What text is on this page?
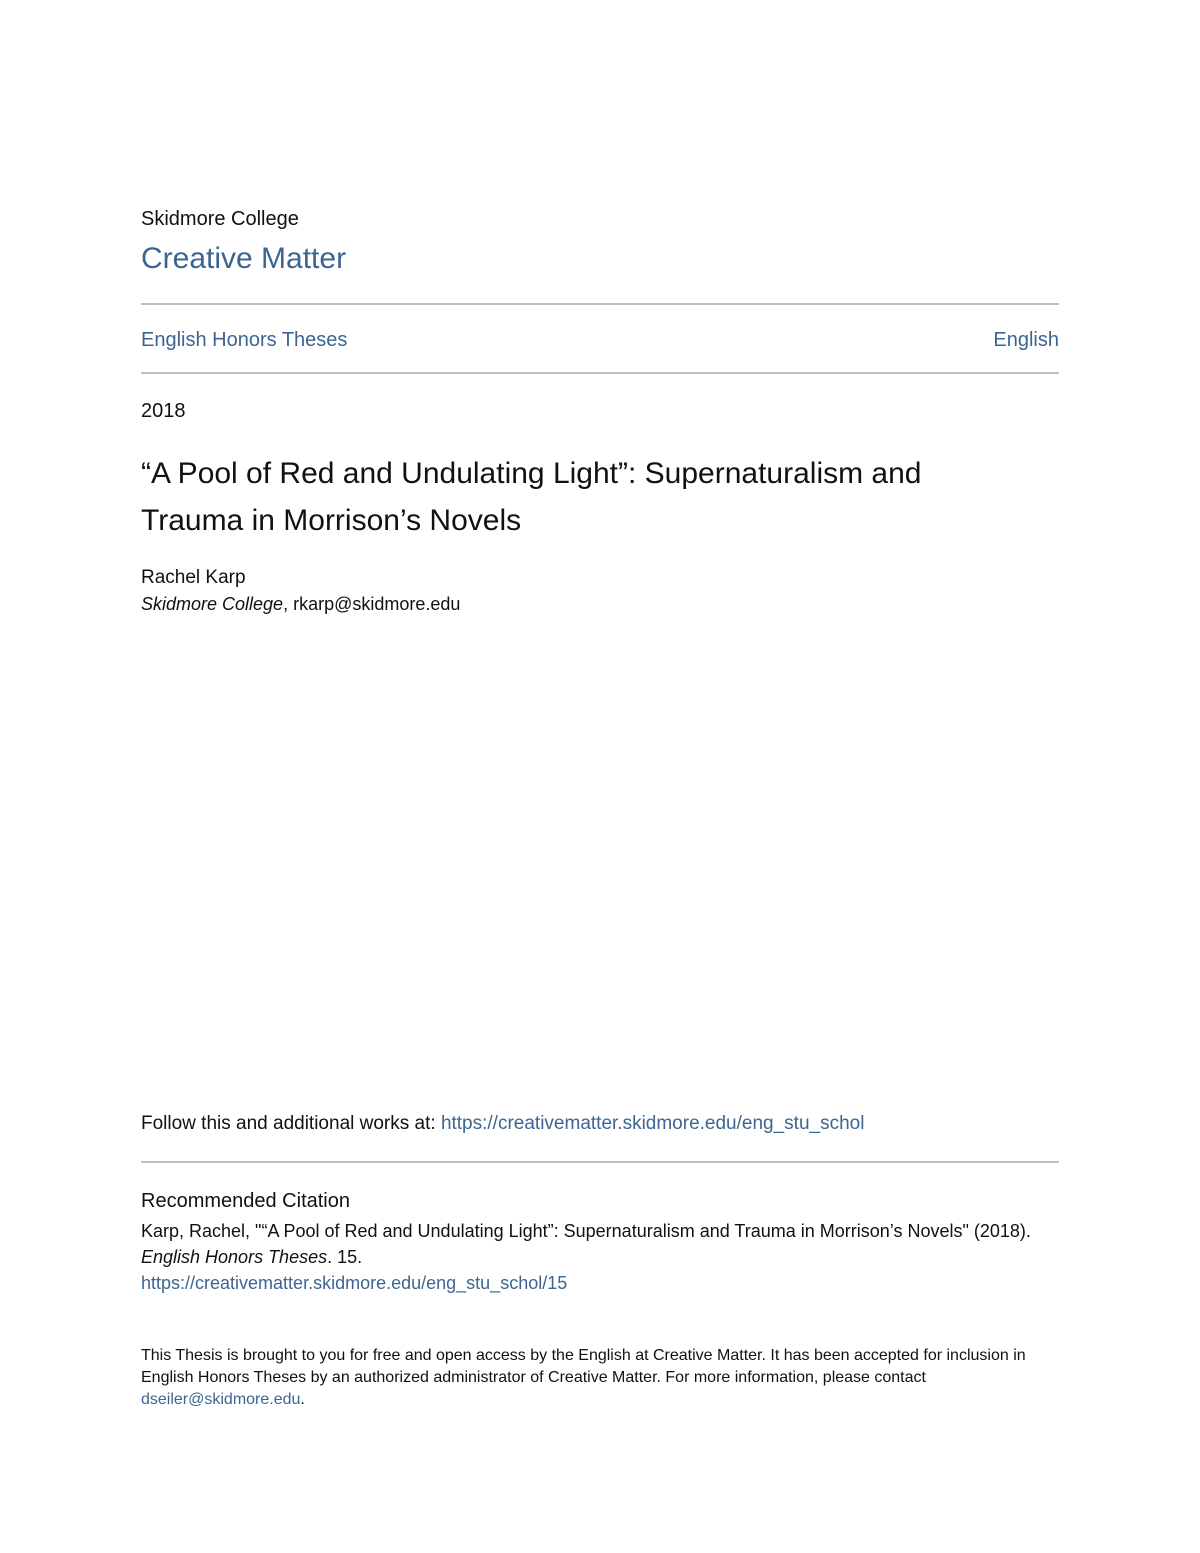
Skidmore College
Creative Matter
English Honors Theses	English
2018
“A Pool of Red and Undulating Light”: Supernaturalism and
Trauma in Morrison’s Novels
Rachel Karp
Skidmore College, rkarp@skidmore.edu
Follow this and additional works at: https://creativematter.skidmore.edu/eng_stu_schol
Recommended Citation
Karp, Rachel, "“A Pool of Red and Undulating Light”: Supernaturalism and Trauma in Morrison’s Novels" (2018). English Honors Theses. 15.
https://creativematter.skidmore.edu/eng_stu_schol/15
This Thesis is brought to you for free and open access by the English at Creative Matter. It has been accepted for inclusion in English Honors Theses by an authorized administrator of Creative Matter. For more information, please contact dseiler@skidmore.edu.
